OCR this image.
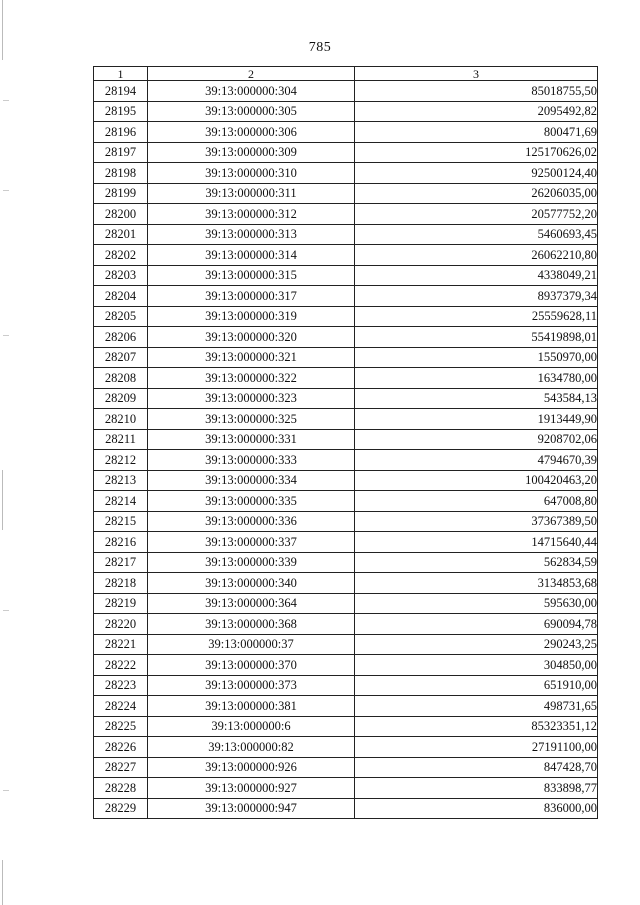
785
1	2	3
28194	39:13:000000:304	85018755,50
28195	39:13:000000:305	2095492,82
28196	39:13:000000:306	800471,69
28197	39:13:000000:309	125170626,02
28198	39:13:000000:310	92500124,40
28199	39:13:000000:311	26206035,00
28200	39:13:000000:312	20577752,20
28201	39:13:000000:313	5460693,45
28202	39:13:000000:314	26062210,80
28203	39:13:000000:315	4338049,21
28204	39:13:000000:317	8937379,34
28205	39:13:000000:319	25559628,11
28206	39:13:000000:320	55419898,01
28207	39:13:000000:321	1550970,00
28208	39:13:000000:322	1634780,00
28209	39:13:000000:323	543584,13
28210	39:13:000000:325	1913449,90
28211	39:13:000000:331	9208702,06
28212	39:13:000000:333	4794670,39
28213	39:13:000000:334	100420463,20
28214	39:13:000000:335	647008,80
28215	39:13:000000:336	37367389,50
28216	39:13:000000:337	14715640,44
28217	39:13:000000:339	562834,59
28218	39:13:000000:340	3134853,68
28219	39:13:000000:364	595630,00
28220	39:13:000000:368	690094,78
28221	39:13:000000:37	290243,25
28222	39:13:000000:370	304850,00
28223	39:13:000000:373	651910,00
28224	39:13:000000:381	498731,65
28225	39:13:000000:6	85323351,12
28226	39:13:000000:82	27191100,00
28227	39:13:000000:926	847428,70
28228	39:13:000000:927	833898,77
28229	39:13:000000:947	836000,00
